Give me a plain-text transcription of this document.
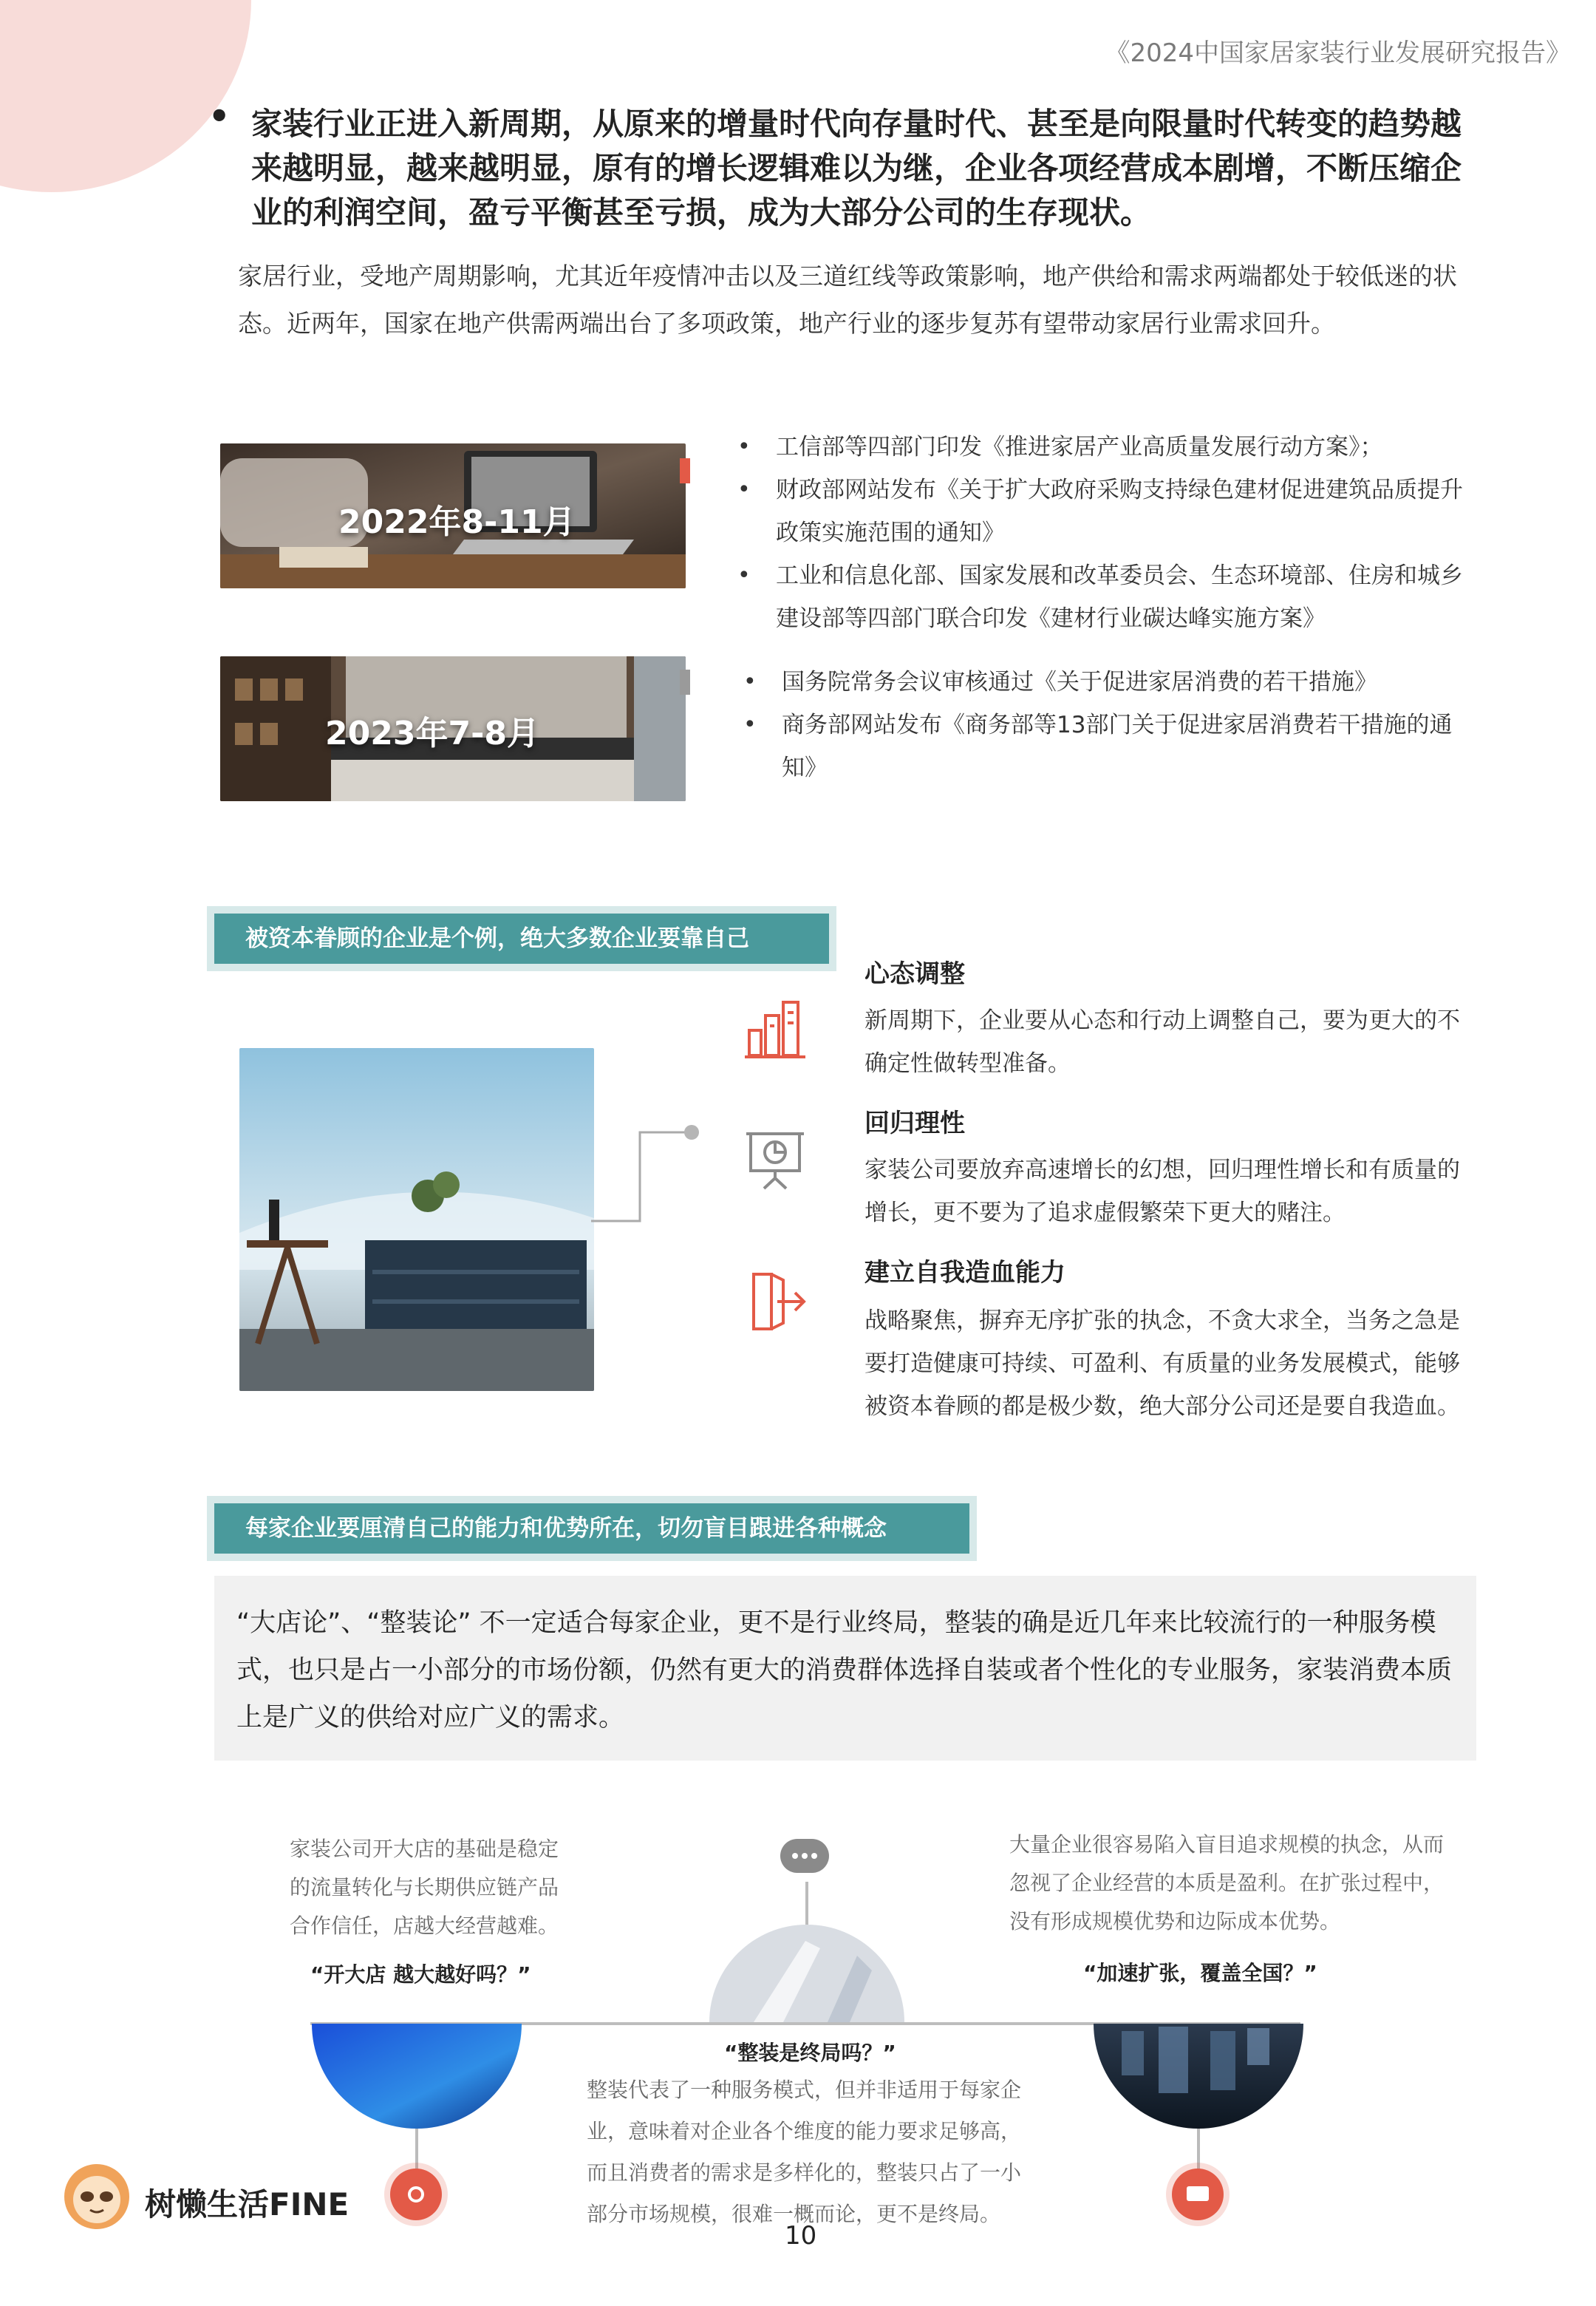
《2024中国家居家装行业发展研究报告》
• 家装行业正进入新周期，从原来的增量时代向存量时代、甚至是向限量时代转变的趋势越来越明显，越来越明显，原有的增长逻辑难以为继，企业各项经营成本剧增，不断压缩企业的利润空间，盈亏平衡甚至亏损，成为大部分公司的生存现状。
家居行业，受地产周期影响，尤其近年疫情冲击以及三道红线等政策影响，地产供给和需求两端都处于较低迷的状态。近两年，国家在地产供需两端出台了多项政策，地产行业的逐步复苏有望带动家居行业需求回升。
2022年8-11月
• 工信部等四部门印发《推进家居产业高质量发展行动方案》；
• 财政部网站发布《关于扩大政府采购支持绿色建材促进建筑品质提升政策实施范围的通知》
• 工业和信息化部、国家发展和改革委员会、生态环境部、住房和城乡建设部等四部门联合印发《建材行业碳达峰实施方案》
2023年7-8月
• 国务院常务会议审核通过《关于促进家居消费的若干措施》
• 商务部网站发布《商务部等13部门关于促进家居消费若干措施的通知》
被资本眷顾的企业是个例，绝大多数企业要靠自己
心态调整
新周期下，企业要从心态和行动上调整自己，要为更大的不确定性做转型准备。
回归理性
家装公司要放弃高速增长的幻想，回归理性增长和有质量的增长，更不要为了追求虚假繁荣下更大的赌注。
建立自我造血能力
战略聚焦，摒弃无序扩张的执念，不贪大求全，当务之急是要打造健康可持续、可盈利、有质量的业务发展模式，能够被资本眷顾的都是极少数，绝大部分公司还是要自我造血。
每家企业要厘清自己的能力和优势所在，切勿盲目跟进各种概念
“大店论”、“整装论” 不一定适合每家企业，更不是行业终局，整装的确是近几年来比较流行的一种服务模式，也只是占一小部分的市场份额，仍然有更大的消费群体选择自装或者个性化的专业服务，家装消费本质上是广义的供给对应广义的需求。
家装公司开大店的基础是稳定的流量转化与长期供应链产品合作信任，店越大经营越难。
“开大店 越大越好吗？”
大量企业很容易陷入盲目追求规模的执念，从而忽视了企业经营的本质是盈利。在扩张过程中，没有形成规模优势和边际成本优势。
“加速扩张，覆盖全国？”
“整装是终局吗？”
整装代表了一种服务模式，但并非适用于每家企业，意味着对企业各个维度的能力要求足够高，而且消费者的需求是多样化的，整装只占了一小部分市场规模，很难一概而论，更不是终局。
树懒生活FINE
10
